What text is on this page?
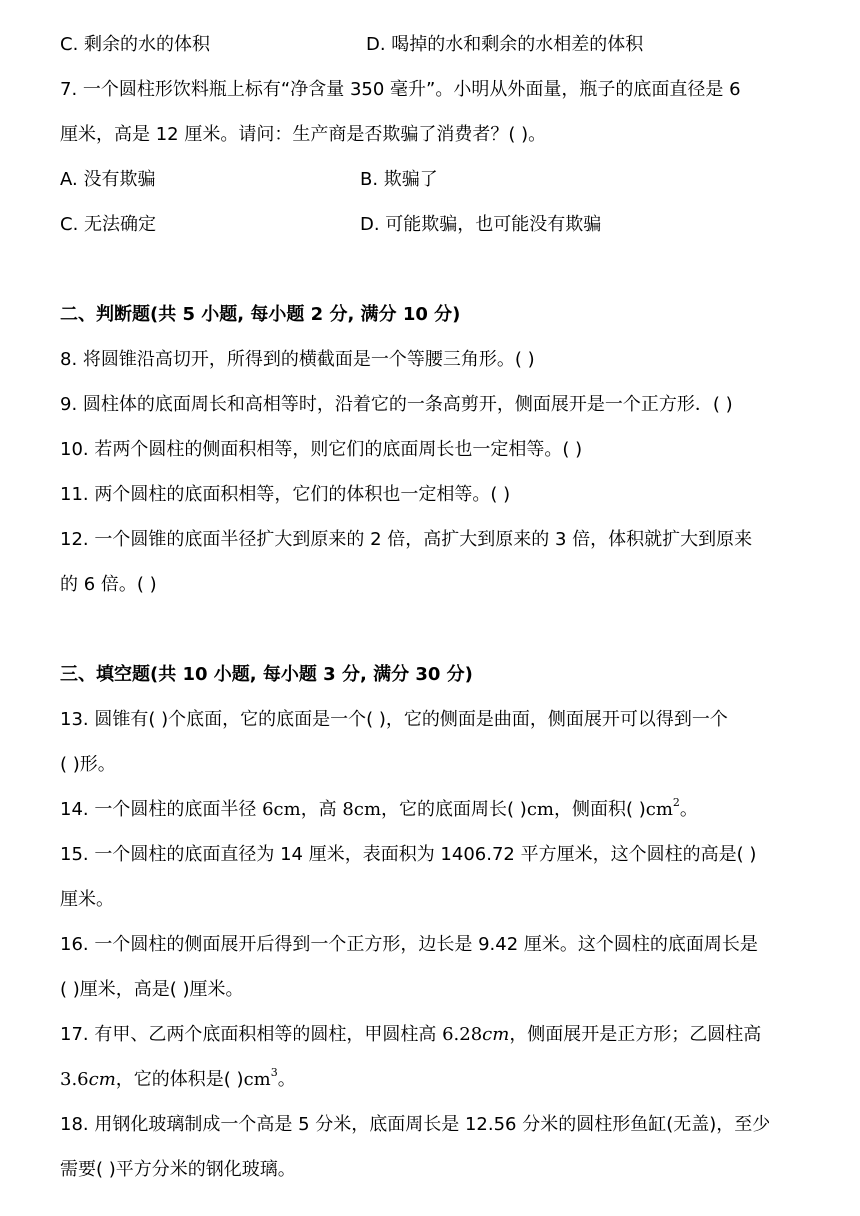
C. 剩余的水的体积	D. 喝掉的水和剩余的水相差的体积
7. 一个圆柱形饮料瓶上标有“净含量 350 毫升”。小明从外面量，瓶子的底面直径是 6
厘米，高是 12 厘米。请问：生产商是否欺骗了消费者？( )。
A. 没有欺骗	B. 欺骗了
C. 无法确定	D. 可能欺骗，也可能没有欺骗
二、判断题(共 5 小题, 每小题 2 分, 满分 10 分)
8. 将圆锥沿高切开，所得到的横截面是一个等腰三角形。( )
9. 圆柱体的底面周长和高相等时，沿着它的一条高剪开，侧面展开是一个正方形．( )
10. 若两个圆柱的侧面积相等，则它们的底面周长也一定相等。( )
11. 两个圆柱的底面积相等，它们的体积也一定相等。( )
12. 一个圆锥的底面半径扩大到原来的 2 倍，高扩大到原来的 3 倍，体积就扩大到原来
的 6 倍。( )
三、填空题(共 10 小题, 每小题 3 分, 满分 30 分)
13. 圆锥有( )个底面，它的底面是一个( )，它的侧面是曲面，侧面展开可以得到一个
( )形。
14. 一个圆柱的底面半径 6cm，高 8cm，它的底面周长( )cm，侧面积( )$cm^2$。
15. 一个圆柱的底面直径为 14 厘米，表面积为 1406.72 平方厘米，这个圆柱的高是( )
厘米。
16. 一个圆柱的侧面展开后得到一个正方形，边长是 9.42 厘米。这个圆柱的底面周长是
( )厘米，高是( )厘米。
17. 有甲、乙两个底面积相等的圆柱，甲圆柱高 6.28cm，侧面展开是正方形；乙圆柱高
3.6cm，它的体积是( )$cm^3$。
18. 用钢化玻璃制成一个高是 5 分米，底面周长是 12.56 分米的圆柱形鱼缸(无盖)，至少
需要( )平方分米的钢化玻璃。
